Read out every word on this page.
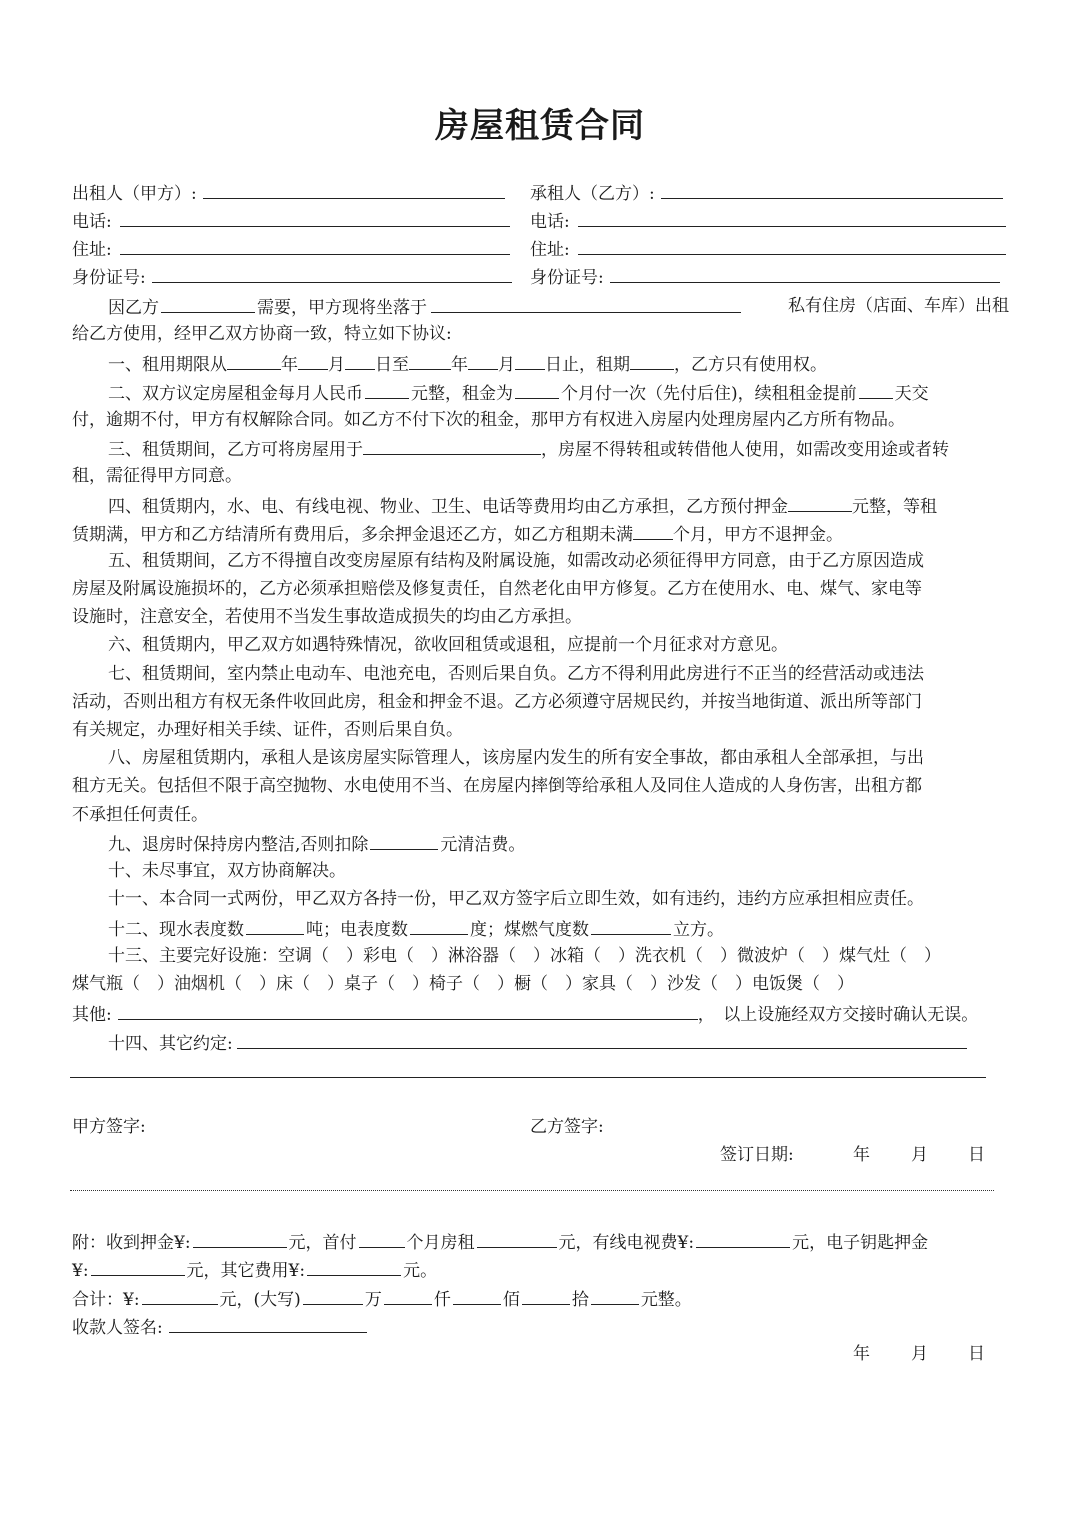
房屋租赁合同
出租人（甲方）:	承租人（乙方）:
电话:	电话:
住址:	住址:
身份证号:	身份证号:
因乙方	需要，甲方现将坐落于	私有住房（店面、车库）出租
给乙方使用，经甲乙双方协商一致，特立如下协议:
一、租用期限从	年 月 日至 年 月 日止，租期	，乙方只有使用权。
二、双方议定房屋租金每月人民币	元整，租金为	个月付一次（先付后住)，续租租金提前 天交
付，逾期不付，甲方有权解除合同。如乙方不付下次的租金，那甲方有权进入房屋内处理房屋内乙方所有物品。
三、租赁期间，乙方可将房屋用于	，房屋不得转租或转借他人使用，如需改变用途或者转
租，需征得甲方同意。
四、租赁期内，水、电、有线电视、物业、卫生、电话等费用均由乙方承担，乙方预付押金	元整，等租
赁期满，甲方和乙方结清所有费用后，多余押金退还乙方，如乙方租期未满 个月，甲方不退押金。
五、租赁期间，乙方不得擅自改变房屋原有结构及附属设施，如需改动必须征得甲方同意，由于乙方原因造成
房屋及附属设施损坏的，乙方必须承担赔偿及修复责任，自然老化由甲方修复。乙方在使用水、电、煤气、家电等
设施时，注意安全，若使用不当发生事故造成损失的均由乙方承担。
六、租赁期内，甲乙双方如遇特殊情况，欲收回租赁或退租，应提前一个月征求对方意见。
七、租赁期间，室内禁止电动车、电池充电，否则后果自负。乙方不得利用此房进行不正当的经营活动或违法
活动，否则出租方有权无条件收回此房，租金和押金不退。乙方必须遵守居规民约，并按当地街道、派出所等部门
有关规定，办理好相关手续、证件，否则后果自负。
八、房屋租赁期内，承租人是该房屋实际管理人，该房屋内发生的所有安全事故，都由承租人全部承担，与出
租方无关。包括但不限于高空抛物、水电使用不当、在房屋内摔倒等给承租人及同住人造成的人身伤害，出租方都
不承担任何责任。
九、退房时保持房内整洁,否则扣除	元清洁费。
十、未尽事宜，双方协商解决。
十一、本合同一式两份，甲乙双方各持一份，甲乙双方签字后立即生效，如有违约，违约方应承担相应责任。
十二、现水表度数	吨；电表度数	度；煤燃气度数	立方。
十三、主要完好设施：空调（　）彩电（　）淋浴器（　）冰箱（　）洗衣机（　）微波炉（　）煤气灶（　）
煤气瓶（　）油烟机（　）床（　）桌子（　）椅子（　）橱（　）家具（　）沙发（　）电饭煲（　）
其他:	，　以上设施经双方交接时确认无误。
十四、其它约定:
甲方签字:	乙方签字:
签订日期:	年 月 日
附：收到押金¥:	元，首付	个月房租	元，有线电视费¥:	元，电子钥匙押金
¥:	元，其它费用¥:	元。
合计：¥:	元，(大写)	万	仟	佰	拾	元整。
收款人签名:
年 月 日
